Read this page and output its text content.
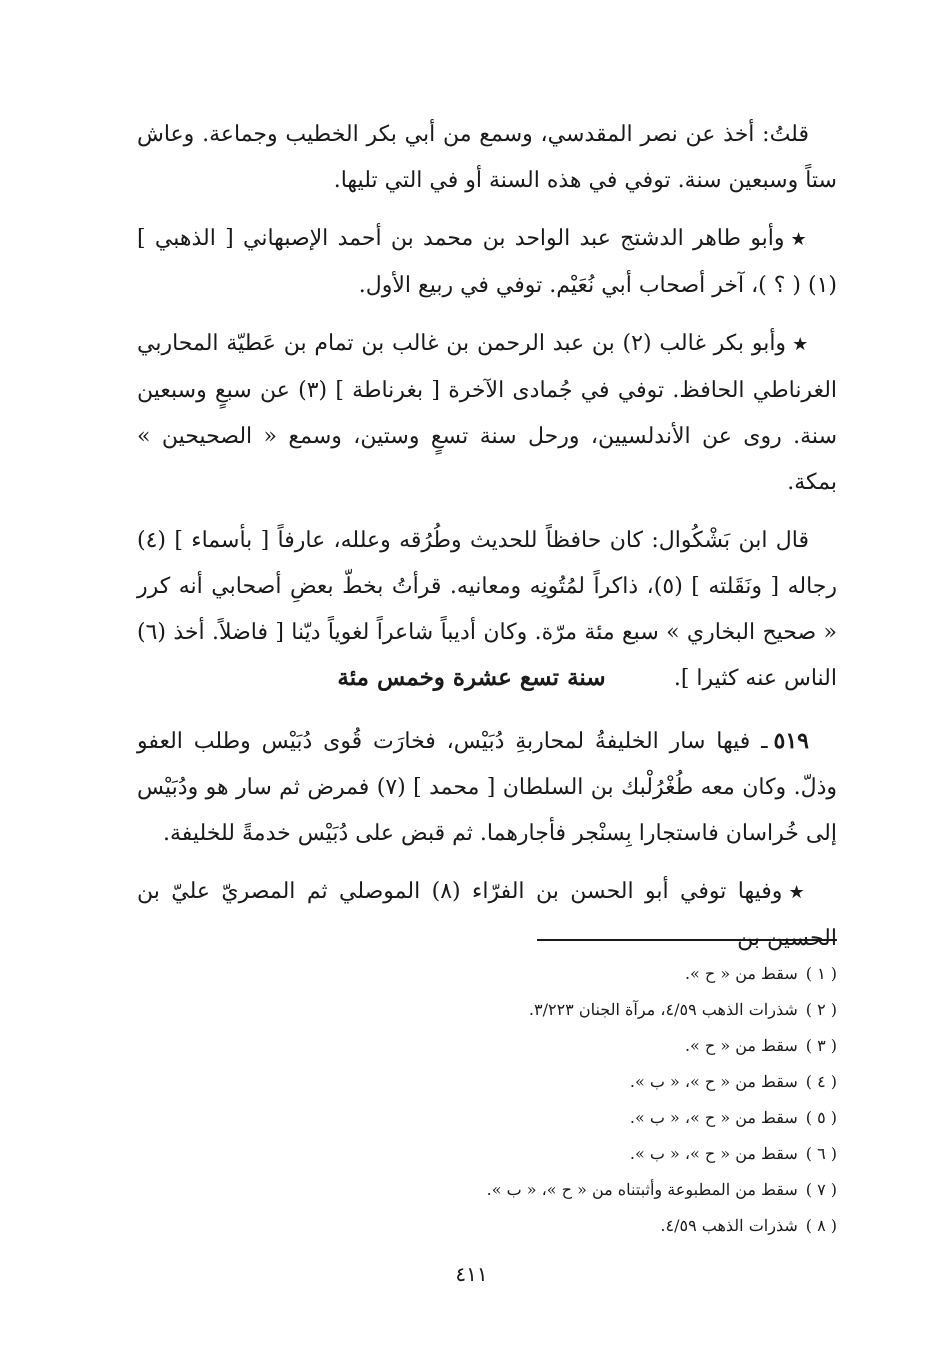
قلتُ: أخذ عن نصر المقدسي، وسمع من أبي بكر الخطيب وجماعة. وعاش ستاً وسبعين سنة. توفي في هذه السنة أو في التي تليها.

★وأبو طاهر الدشتج عبد الواحد بن محمد بن أحمد الإصبهاني [ الذهبي ] (١) ( ؟ )، آخر أصحاب أبي نُعَيْم. توفي في ربيع الأول.

★وأبو بكر غالب (٢) بن عبد الرحمن بن غالب بن تمام بن عَطيّة المحاربي الغرناطي الحافظ. توفي في جُمادى الآخرة [ بغرناطة ] (٣) عن سبعٍ وسبعين سنة. روى عن الأندلسيين، ورحل سنة تسعٍ وستين، وسمع « الصحيحين » بمكة.

قال ابن بَشْكُوال: كان حافظاً للحديث وطُرُقه وعلله، عارفاً [ بأسماء ] (٤) رجاله [ ونَقَلته ] (٥)، ذاكراً لمُتُونِه ومعانيه. قرأتُ بخطّ بعضِ أصحابي أنه كرر « صحيح البخاري » سبع مئة مرّة. وكان أديباً شاعراً لغوياً ديّنا [ فاضلاً. أخذ (٦) الناس عنه كثيرا ].

سنة تسع عشرة وخمس مئة

٥١٩ـ فيها سار الخليفةُ لمحاربةِ دُبَيْس، فخارَت قُوى دُبَيْس وطلب العفو وذلّ. وكان معه طُغْرُلْبك بن السلطان [ محمد ] (٧) فمرض ثم سار هو ودُبَيْس إلى خُراسان فاستجارا بِسنْجر فأجارهما. ثم قبض على دُبَيْس خدمةً للخليفة.

★وفيها توفي أبو الحسن بن الفرّاء (٨) الموصلي ثم المصريّ عليّ بن الحسين بن

( ١ )سقط من « ح ».
( ٢ )شذرات الذهب ٤/٥٩، مرآة الجنان ٣/٢٢٣.
( ٣ )سقط من « ح ».
( ٤ )سقط من « ح »، « ب ».
( ٥ )سقط من « ح »، « ب ».
( ٦ )سقط من « ح »، « ب ».
( ٧ )سقط من المطبوعة وأثبتناه من « ح »، « ب ».
( ٨ )شذرات الذهب ٤/٥٩.
٤١١
